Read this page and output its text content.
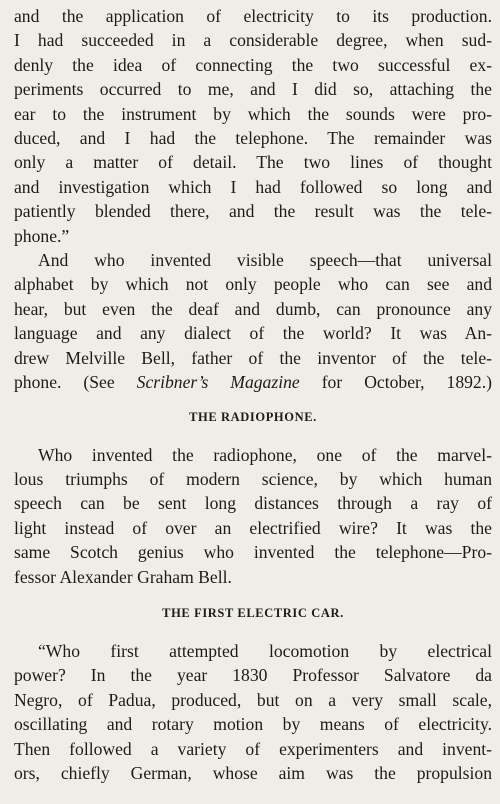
and the application of electricity to its production.
I had succeeded in a considerable degree, when sud-
denly the idea of connecting the two successful ex-
periments occurred to me, and I did so, attaching the
ear to the instrument by which the sounds were pro-
duced, and I had the telephone. The remainder was
only a matter of detail. The two lines of thought
and investigation which I had followed so long and
patiently blended there, and the result was the tele-
phone.”

And who invented visible speech—that universal
alphabet by which not only people who can see and
hear, but even the deaf and dumb, can pronounce any
language and any dialect of the world? It was An-
drew Melville Bell, father of the inventor of the tele-
phone. (See Scribner’s Magazine for October, 1892.)

THE RADIOPHONE.

Who invented the radiophone, one of the marvel-
lous triumphs of modern science, by which human
speech can be sent long distances through a ray of
light instead of over an electrified wire? It was the
same Scotch genius who invented the telephone—Pro-
fessor Alexander Graham Bell.

THE FIRST ELECTRIC CAR.

“Who first attempted locomotion by electrical
power? In the year 1830 Professor Salvatore da
Negro, of Padua, produced, but on a very small scale,
oscillating and rotary motion by means of electricity.
Then followed a variety of experimenters and invent-
ors, chiefly German, whose aim was the propulsion
